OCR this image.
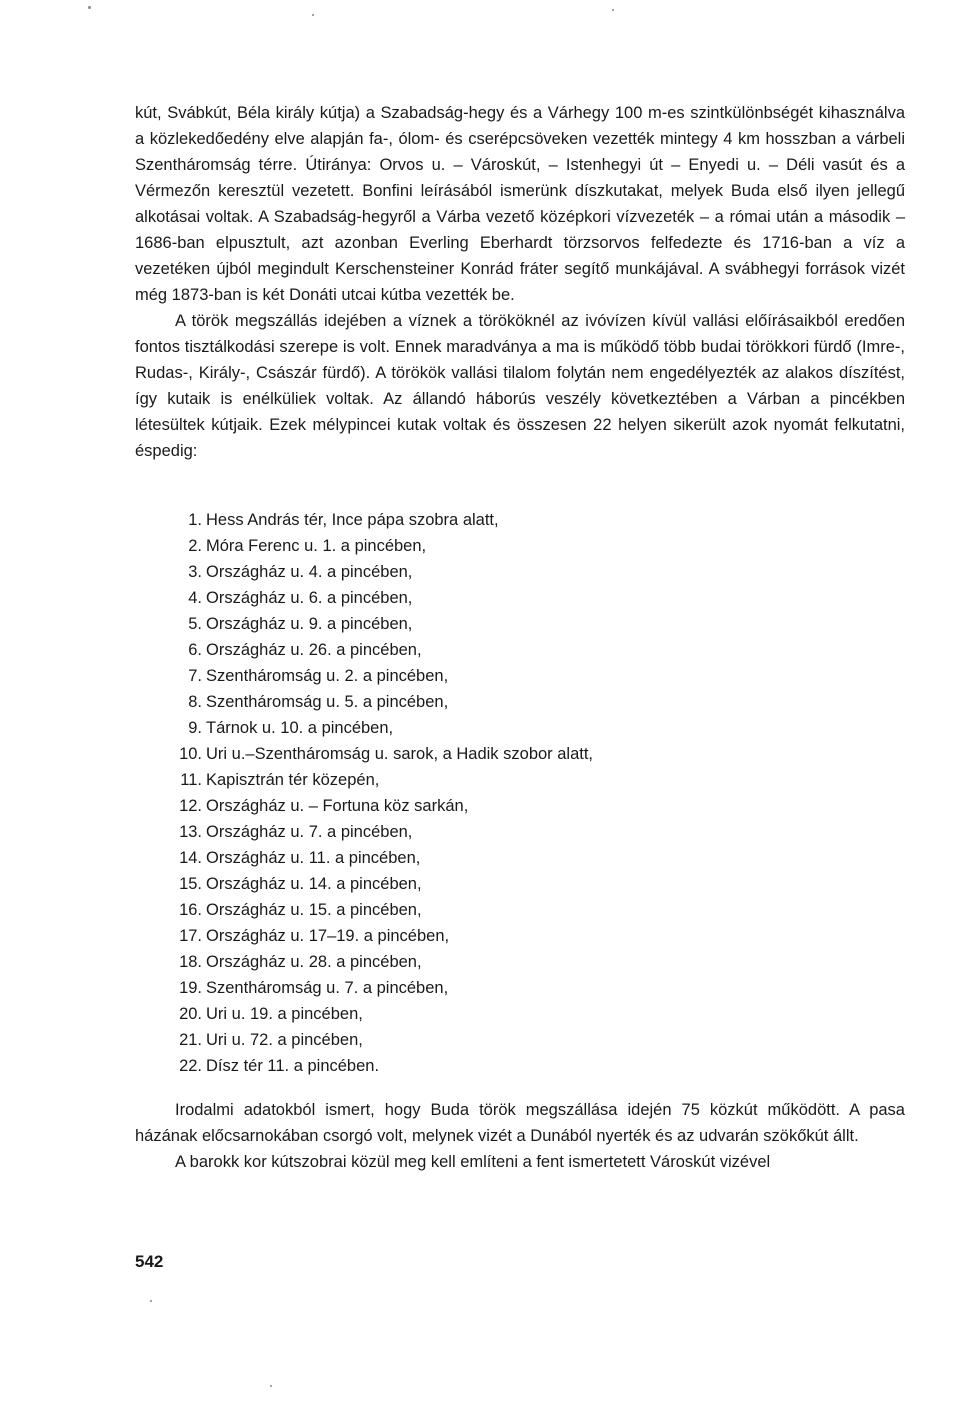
kút, Svábkút, Béla király kútja) a Szabadság-hegy és a Várhegy 100 m-es szintkülönbségét kihasználva a közlekedőedény elve alapján fa-, ólom- és cserépcsöveken vezették mintegy 4 km hosszban a várbeli Szentháromság térre. Útiránya: Orvos u. – Városkút, – Istenhegyi út – Enyedi u. – Déli vasút és a Vérmezőn keresztül vezetett. Bonfini leírásából ismerünk díszkutakat, melyek Buda első ilyen jellegű alkotásai voltak. A Szabadság-hegyről a Várba vezető középkori vízvezeték – a római után a második – 1686-ban elpusztult, azt azonban Everling Eberhardt törzsorvos felfedezte és 1716-ban a víz a vezetéken újból megindult Kerschensteiner Konrád fráter segítő munkájával. A svábhegyi források vizét még 1873-ban is két Donáti utcai kútba vezették be.

A török megszállás idejében a víznek a törököknél az ivóvízen kívül vallási előírásaikból eredően fontos tisztálkodási szerepe is volt. Ennek maradványa a ma is működő több budai törökkori fürdő (Imre-, Rudas-, Király-, Császár fürdő). A törökök vallási tilalom folytán nem engedélyezték az alakos díszítést, így kutaik is enélküliek voltak. Az állandó háborús veszély következtében a Várban a pincékben létesültek kútjaik. Ezek mélypincei kutak voltak és összesen 22 helyen sikerült azok nyomát felkutatni, éspedig:

1. Hess András tér, Ince pápa szobra alatt,
2. Móra Ferenc u. 1. a pincében,
3. Országház u. 4. a pincében,
4. Országház u. 6. a pincében,
5. Országház u. 9. a pincében,
6. Országház u. 26. a pincében,
7. Szentháromság u. 2. a pincében,
8. Szentháromság u. 5. a pincében,
9. Tárnok u. 10. a pincében,
10. Uri u.–Szentháromság u. sarok, a Hadik szobor alatt,
11. Kapisztrán tér közepén,
12. Országház u. – Fortuna köz sarkán,
13. Országház u. 7. a pincében,
14. Országház u. 11. a pincében,
15. Országház u. 14. a pincében,
16. Országház u. 15. a pincében,
17. Országház u. 17–19. a pincében,
18. Országház u. 28. a pincében,
19. Szentháromság u. 7. a pincében,
20. Uri u. 19. a pincében,
21. Uri u. 72. a pincében,
22. Dísz tér 11. a pincében.

Irodalmi adatokból ismert, hogy Buda török megszállása idején 75 közkút működött. A pasa házának előcsarnokában csorgó volt, melynek vizét a Dunából nyerték és az udvarán szökőkút állt.

A barokk kor kútszobrai közül meg kell említeni a fent ismertetett Városkút vizével

542
